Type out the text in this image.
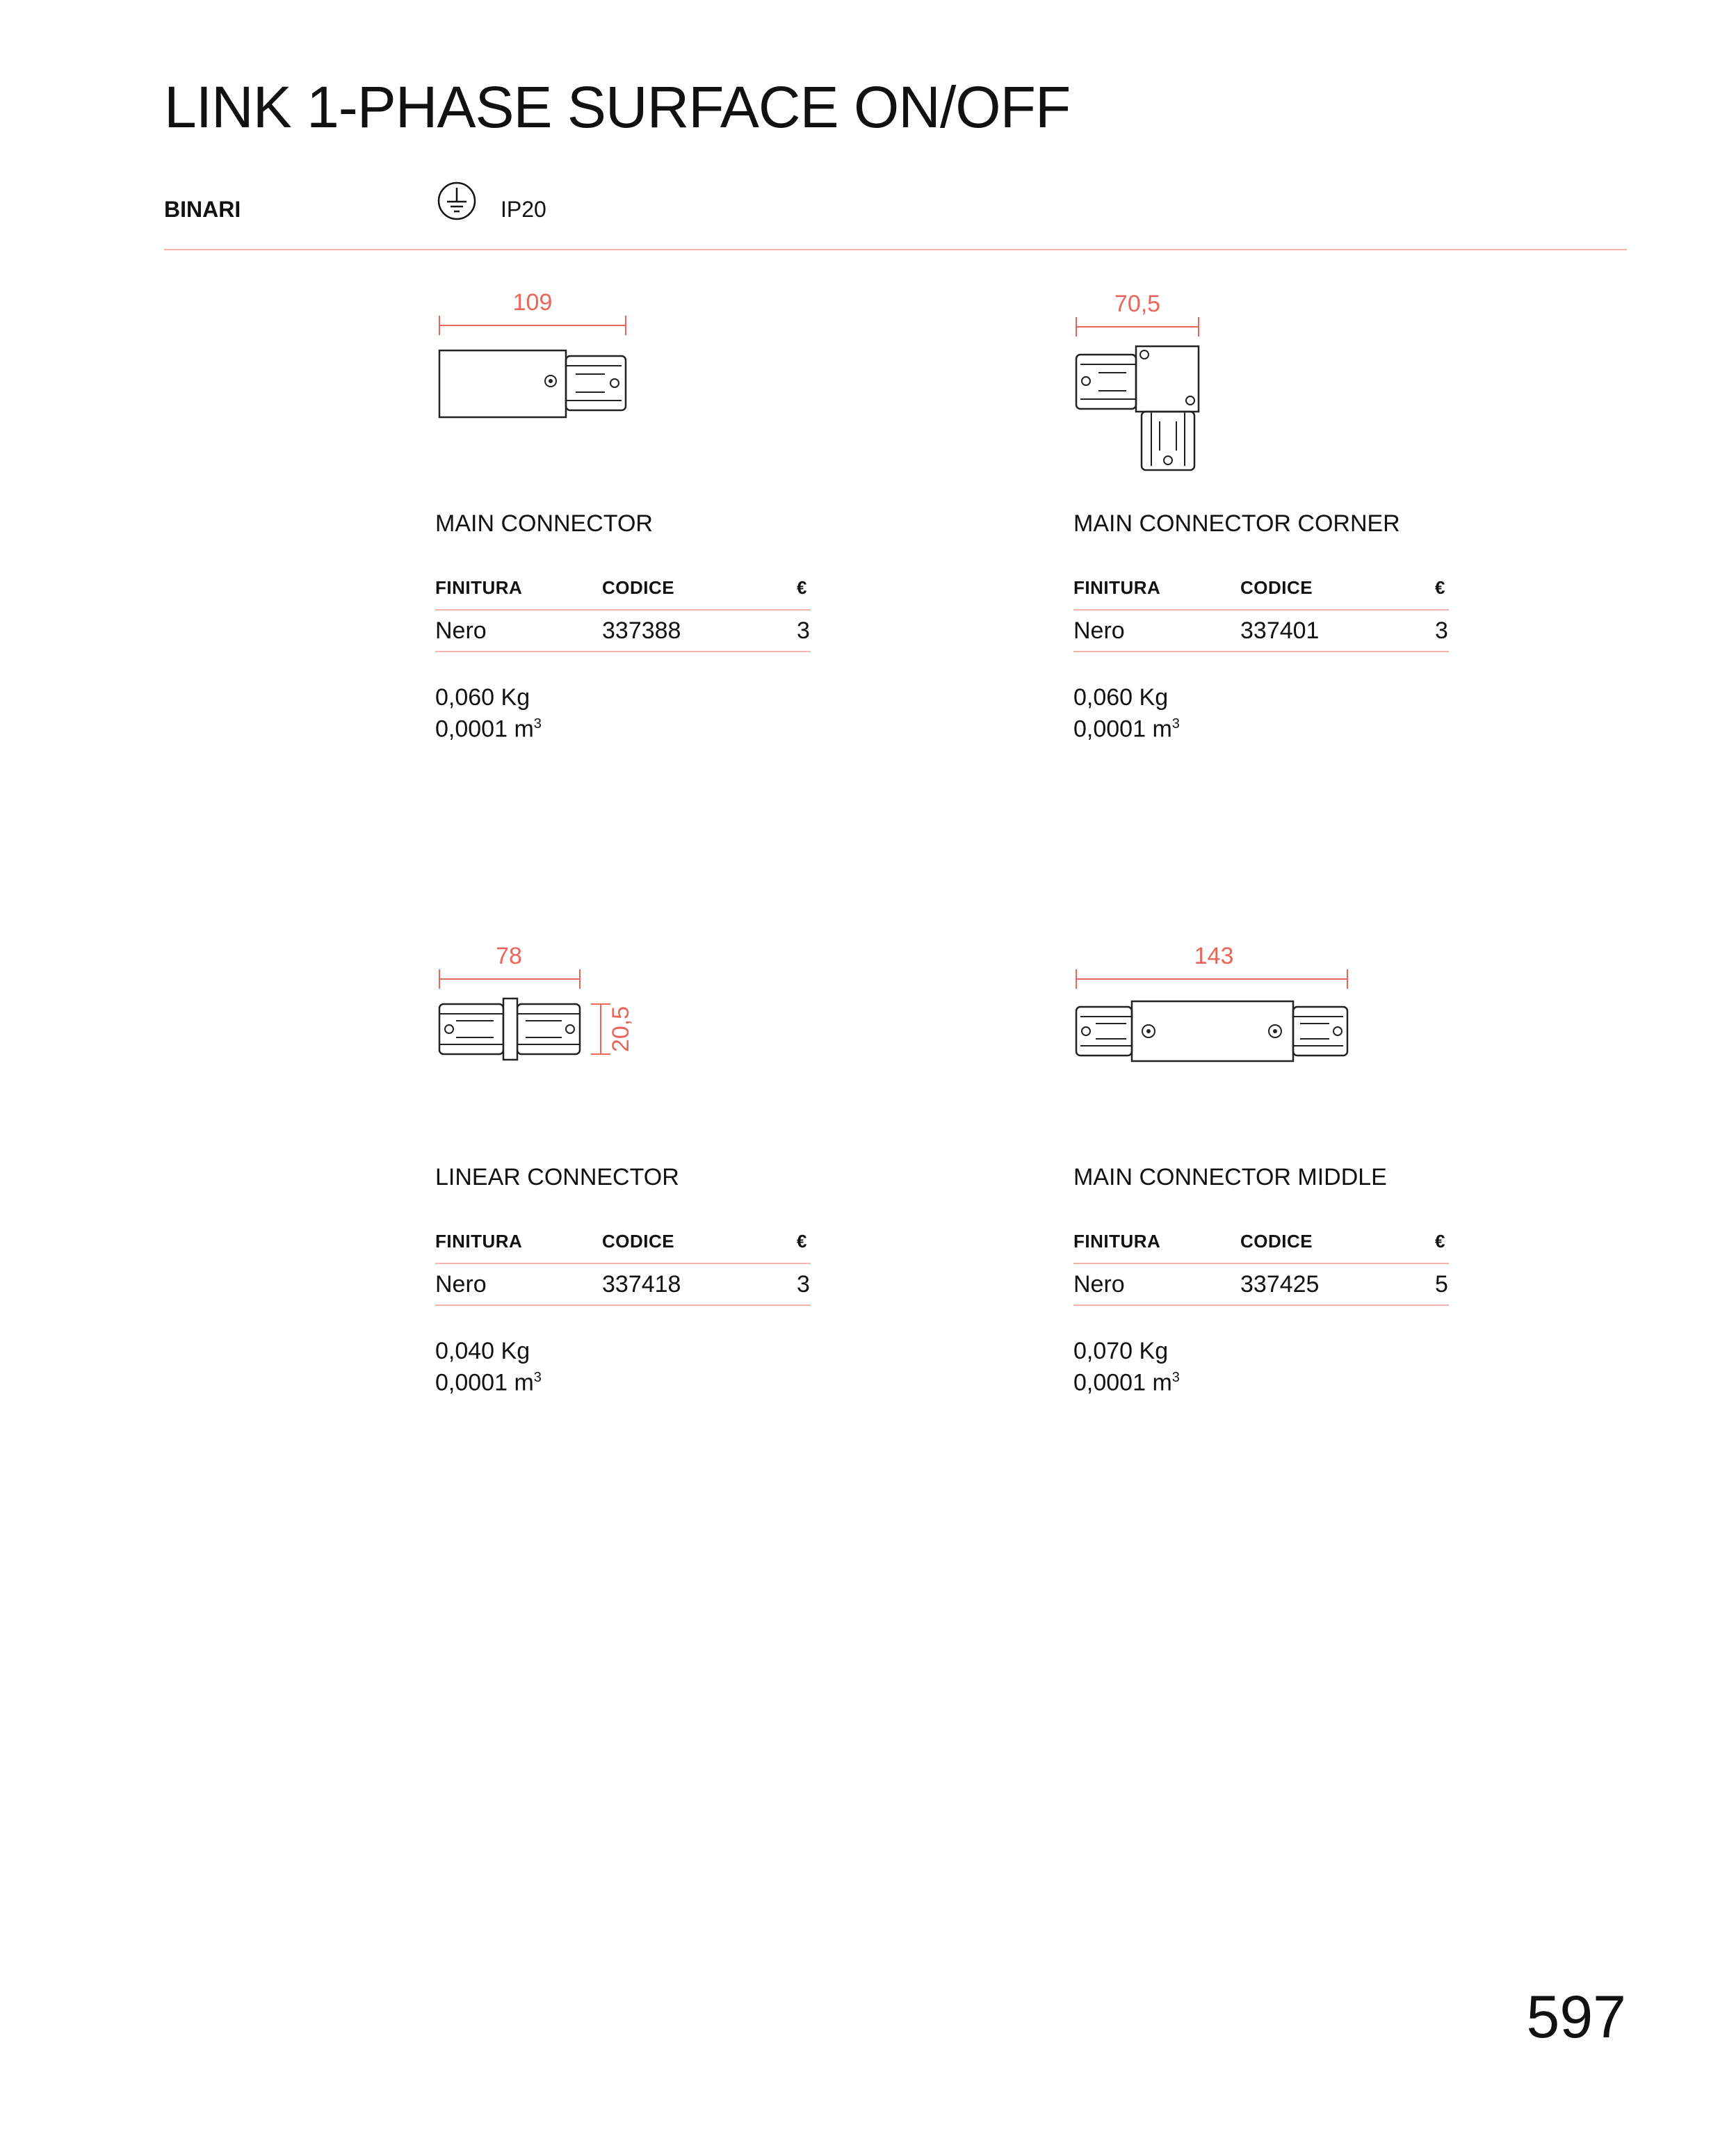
LINK 1-PHASE SURFACE ON/OFF
BINARI	IP20
109
MAIN CONNECTOR
FINITURA	CODICE	€
Nero	337388	3
0,060 Kg
0,0001 $m^3$
70,5
MAIN CONNECTOR CORNER
FINITURA	CODICE	€
Nero	337401	3
0,060 Kg
0,0001 $m^3$
78
20,5
LINEAR CONNECTOR
FINITURA	CODICE	€
Nero	337418	3
0,040 Kg
0,0001 $m^3$
143
MAIN CONNECTOR MIDDLE
FINITURA	CODICE	€
Nero	337425	5
0,070 Kg
0,0001 $m^3$
597
